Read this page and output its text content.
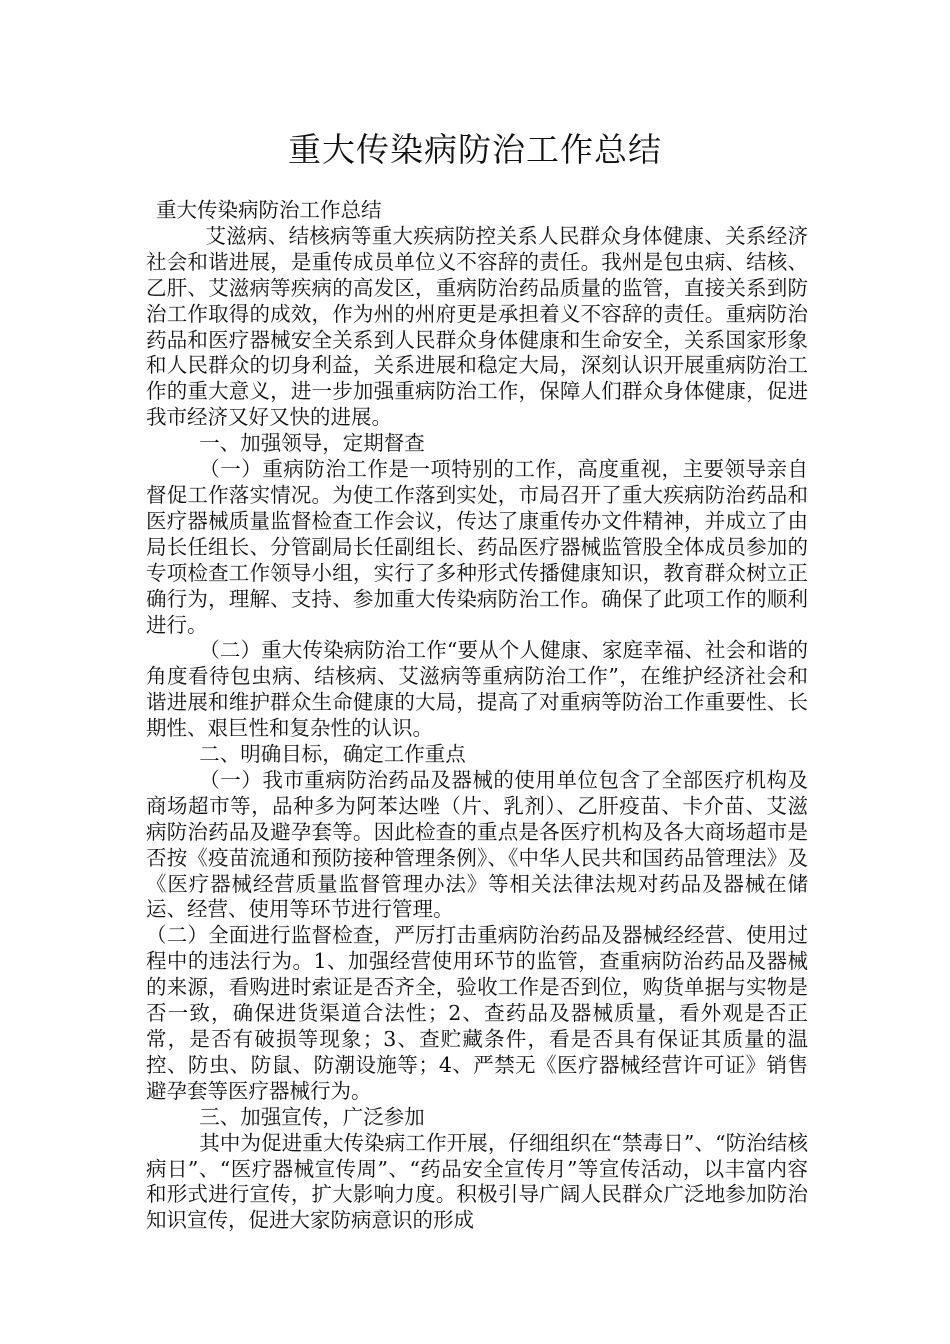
重大传染病防治工作总结

重大传染病防治工作总结

艾滋病、结核病等重大疾病防控关系人民群众身体健康、关系经济社会和谐进展，是重传成员单位义不容辞的责任。我州是包虫病、结核、乙肝、艾滋病等疾病的高发区，重病防治药品质量的监管，直接关系到防治工作取得的成效，作为州的州府更是承担着义不容辞的责任。重病防治药品和医疗器械安全关系到人民群众身体健康和生命安全，关系国家形象和人民群众的切身利益，关系进展和稳定大局，深刻认识开展重病防治工作的重大意义，进一步加强重病防治工作，保障人们群众身体健康，促进我市经济又好又快的进展。

一、加强领导，定期督查

（一）重病防治工作是一项特别的工作，高度重视，主要领导亲自督促工作落实情况。为使工作落到实处，市局召开了重大疾病防治药品和医疗器械质量监督检查工作会议，传达了康重传办文件精神，并成立了由局长任组长、分管副局长任副组长、药品医疗器械监管股全体成员参加的专项检查工作领导小组，实行了多种形式传播健康知识，教育群众树立正确行为，理解、支持、参加重大传染病防治工作。确保了此项工作的顺利进行。

（二）重大传染病防治工作“要从个人健康、家庭幸福、社会和谐的角度看待包虫病、结核病、艾滋病等重病防治工作”，在维护经济社会和谐进展和维护群众生命健康的大局，提高了对重病等防治工作重要性、长期性、艰巨性和复杂性的认识。

二、明确目标，确定工作重点

（一）我市重病防治药品及器械的使用单位包含了全部医疗机构及商场超市等，品种多为阿苯达唑（片、乳剂）、乙肝疫苗、卡介苗、艾滋病防治药品及避孕套等。因此检查的重点是各医疗机构及各大商场超市是否按《疫苗流通和预防接种管理条例》、《中华人民共和国药品管理法》及《医疗器械经营质量监督管理办法》等相关法律法规对药品及器械在储运、经营、使用等环节进行管理。

（二）全面进行监督检查，严厉打击重病防治药品及器械经经营、使用过程中的违法行为。1、加强经营使用环节的监管，查重病防治药品及器械的来源，看购进时索证是否齐全，验收工作是否到位，购货单据与实物是否一致，确保进货渠道合法性；2、查药品及器械质量，看外观是否正常，是否有破损等现象；3、查贮藏条件，看是否具有保证其质量的温控、防虫、防鼠、防潮设施等；4、严禁无《医疗器械经营许可证》销售避孕套等医疗器械行为。

三、加强宣传，广泛参加

其中为促进重大传染病工作开展，仔细组织在“禁毒日”、“防治结核病日”、“医疗器械宣传周”、“药品安全宣传月”等宣传活动，以丰富内容和形式进行宣传，扩大影响力度。积极引导广阔人民群众广泛地参加防治知识宣传，促进大家防病意识的形成
